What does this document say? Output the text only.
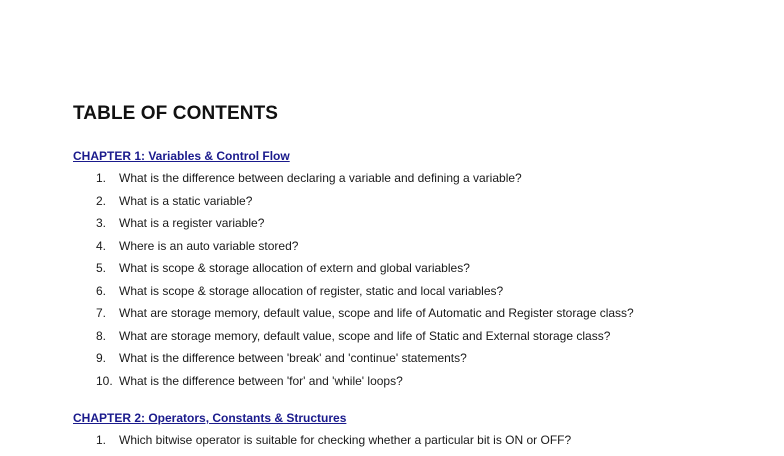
TABLE OF CONTENTS
CHAPTER 1: Variables & Control Flow
1.	What is the difference between declaring a variable and defining a variable?
2.	What is a static variable?
3.	What is a register variable?
4.	Where is an auto variable stored?
5.	What is scope & storage allocation of extern and global variables?
6.	What is scope & storage allocation of register, static and local variables?
7.	What are storage memory, default value, scope and life of Automatic and Register storage class?
8.	What are storage memory, default value, scope and life of Static and External storage class?
9.	What is the difference between 'break' and 'continue' statements?
10. What is the difference between 'for' and 'while' loops?
CHAPTER 2: Operators, Constants & Structures
1.	Which bitwise operator is suitable for checking whether a particular bit is ON or OFF?
